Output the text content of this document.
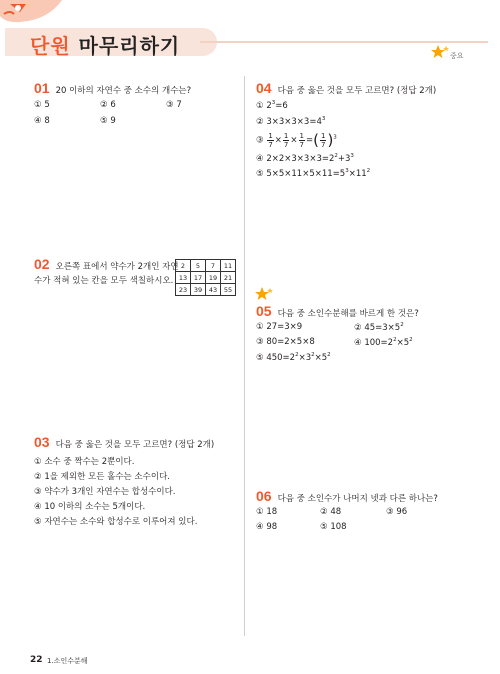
단원 마무리하기	중요
01 20 이하의 자연수 중 소수의 개수는?
① 5	② 6	③ 7
④ 8	⑤ 9
02 오른쪽 표에서 약수가 2개인 자연
수가 적혀 있는 칸을 모두 색칠하시오.
2	5	7	11
13	17	19	21
23	39	43	55
03 다음 중 옳은 것을 모두 고르면? (정답 2개)
① 소수 중 짝수는 2뿐이다.
② 1을 제외한 모든 홀수는 소수이다.
③ 약수가 3개인 자연수는 합성수이다.
④ 10 이하의 소수는 5개이다.
⑤ 자연수는 소수와 합성수로 이루어져 있다.
04 다음 중 옳은 것을 모두 고르면? (정답 2개)
① $2^3=6$
② $3\times 3\times 3\times 3=4^3$
③ $\frac{1}{7} \times \frac{1}{7} \times \frac{1}{7}$ =( $\frac{1}{7} )^3$
④ $2\times 2\times 3\times 3\times 3=2^2+3^3$
⑤ $5\times 5\times 11\times 5\times 11=5^3\times 11^2$
05 다음 중 소인수분해를 바르게 한 것은?
① 27=3×9	② $45=3\times 5^2$
③ 80=2×5×8	④ $100=2^2\times 5^2$
⑤ $450=2^2\times 3^2\times 5^2$
06 다음 중 소인수가 나머지 넷과 다른 하나는?
① 18	② 48	③ 96
④ 98	⑤ 108
22 1.소인수분해
